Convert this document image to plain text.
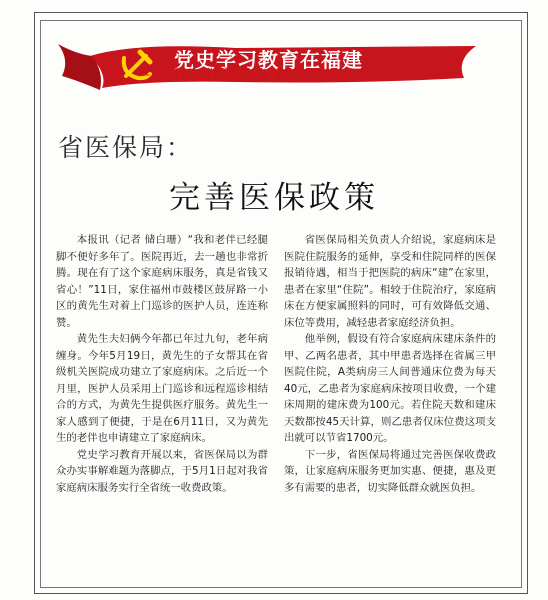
党史学习教育在福建
——我为群众办实事
省医保局：
完善医保政策

本报讯（记者 储白珊）“我和老伴已经腿脚不便好多年了。医院再近，去一趟也非常折腾。现在有了这个家庭病床服务，真是省钱又省心！”11日，家住福州市鼓楼区鼓屏路一小区的黄先生对着上门巡诊的医护人员，连连称赞。

黄先生夫妇俩今年都已年过九旬，老年病缠身。今年5月19日，黄先生的子女帮其在省级机关医院成功建立了家庭病床。之后近一个月里，医护人员采用上门巡诊和远程巡诊相结合的方式，为黄先生提供医疗服务。黄先生一家人感到了便捷，于是在6月11日，又为黄先生的老伴也申请建立了家庭病床。

党史学习教育开展以来，省医保局以为群众办实事解难题为落脚点，于5月1日起对我省家庭病床服务实行全省统一收费政策。

省医保局相关负责人介绍说，家庭病床是医院住院服务的延伸，享受和住院同样的医保报销待遇，相当于把医院的病床“建”在家里，患者在家里“住院”。相较于住院治疗，家庭病床在方便家属照料的同时，可有效降低交通、床位等费用，减轻患者家庭经济负担。

他举例，假设有符合家庭病床建床条件的甲、乙两名患者，其中甲患者选择在省属三甲医院住院，A类病房三人间普通床位费为每天40元，乙患者为家庭病床按项目收费，一个建床周期的建床费为100元。若住院天数和建床天数都按45天计算，则乙患者仅床位费这项支出就可以节省1700元。

下一步，省医保局将通过完善医保收费政策，让家庭病床服务更加实惠、便捷，惠及更多有需要的患者，切实降低群众就医负担。
